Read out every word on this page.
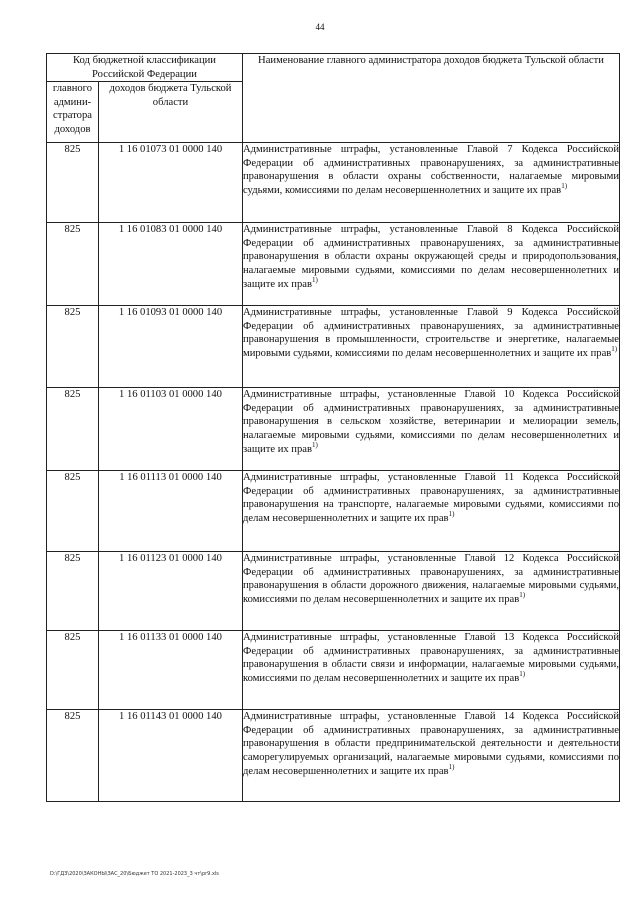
44
Код бюджетной классификации Российской Федерации		Наименование главного администратора доходов бюджета Тульской области
главного админи-стратора доходов	доходов бюджета Тульской области	
825	1 16 01073 01 0000 140	Административные штрафы, установленные Главой 7 Кодекса Российской Федерации об административных правонарушениях, за административные правонарушения в области охраны собственности, налагаемые мировыми судьями, комиссиями по делам несовершеннолетних и защите их прав$^{1)}$
825	1 16 01083 01 0000 140	Административные штрафы, установленные Главой 8 Кодекса Российской Федерации об административных правонарушениях, за административные правонарушения в области охраны окружающей среды и природопользования, налагаемые мировыми судьями, комиссиями по делам несовершеннолетних и защите их прав$^{1)}$
825	1 16 01093 01 0000 140	Административные штрафы, установленные Главой 9 Кодекса Российской Федерации об административных правонарушениях, за административные правонарушения в промышленности, строительстве и энергетике, налагаемые мировыми судьями, комиссиями по делам несовершеннолетних и защите их прав$^{1)}$
825	1 16 01103 01 0000 140	Административные штрафы, установленные Главой 10 Кодекса Российской Федерации об административных правонарушениях, за административные правонарушения в сельском хозяйстве, ветеринарии и мелиорации земель, налагаемые мировыми судьями, комиссиями по делам несовершеннолетних и защите их прав$^{1)}$
825	1 16 01113 01 0000 140	Административные штрафы, установленные Главой 11 Кодекса Российской Федерации об административных правонарушениях, за административные правонарушения на транспорте, налагаемые мировыми судьями, комиссиями по делам несовершеннолетних и защите их прав$^{1)}$
825	1 16 01123 01 0000 140	Административные штрафы, установленные Главой 12 Кодекса Российской Федерации об административных правонарушениях, за административные правонарушения в области дорожного движения, налагаемые мировыми судьями, комиссиями по делам несовершеннолетних и защите их прав$^{1)}$
825	1 16 01133 01 0000 140	Административные штрафы, установленные Главой 13 Кодекса Российской Федерации об административных правонарушениях, за административные правонарушения в области связи и информации, налагаемые мировыми судьями, комиссиями по делам несовершеннолетних и защите их прав$^{1)}$
825	1 16 01143 01 0000 140	Административные штрафы, установленные Главой 14 Кодекса Российской Федерации об административных правонарушениях, за административные правонарушения в области предпринимательской деятельности и деятельности саморегулируемых организаций, налагаемые мировыми судьями, комиссиями по делам несовершеннолетних и защите их прав$^{1)}$
D:\ГДЗ\2020\ЗАКОНЫ\ЗАС_20\Бюджет ТО 2021-2023_3 чт\pr9.xls
